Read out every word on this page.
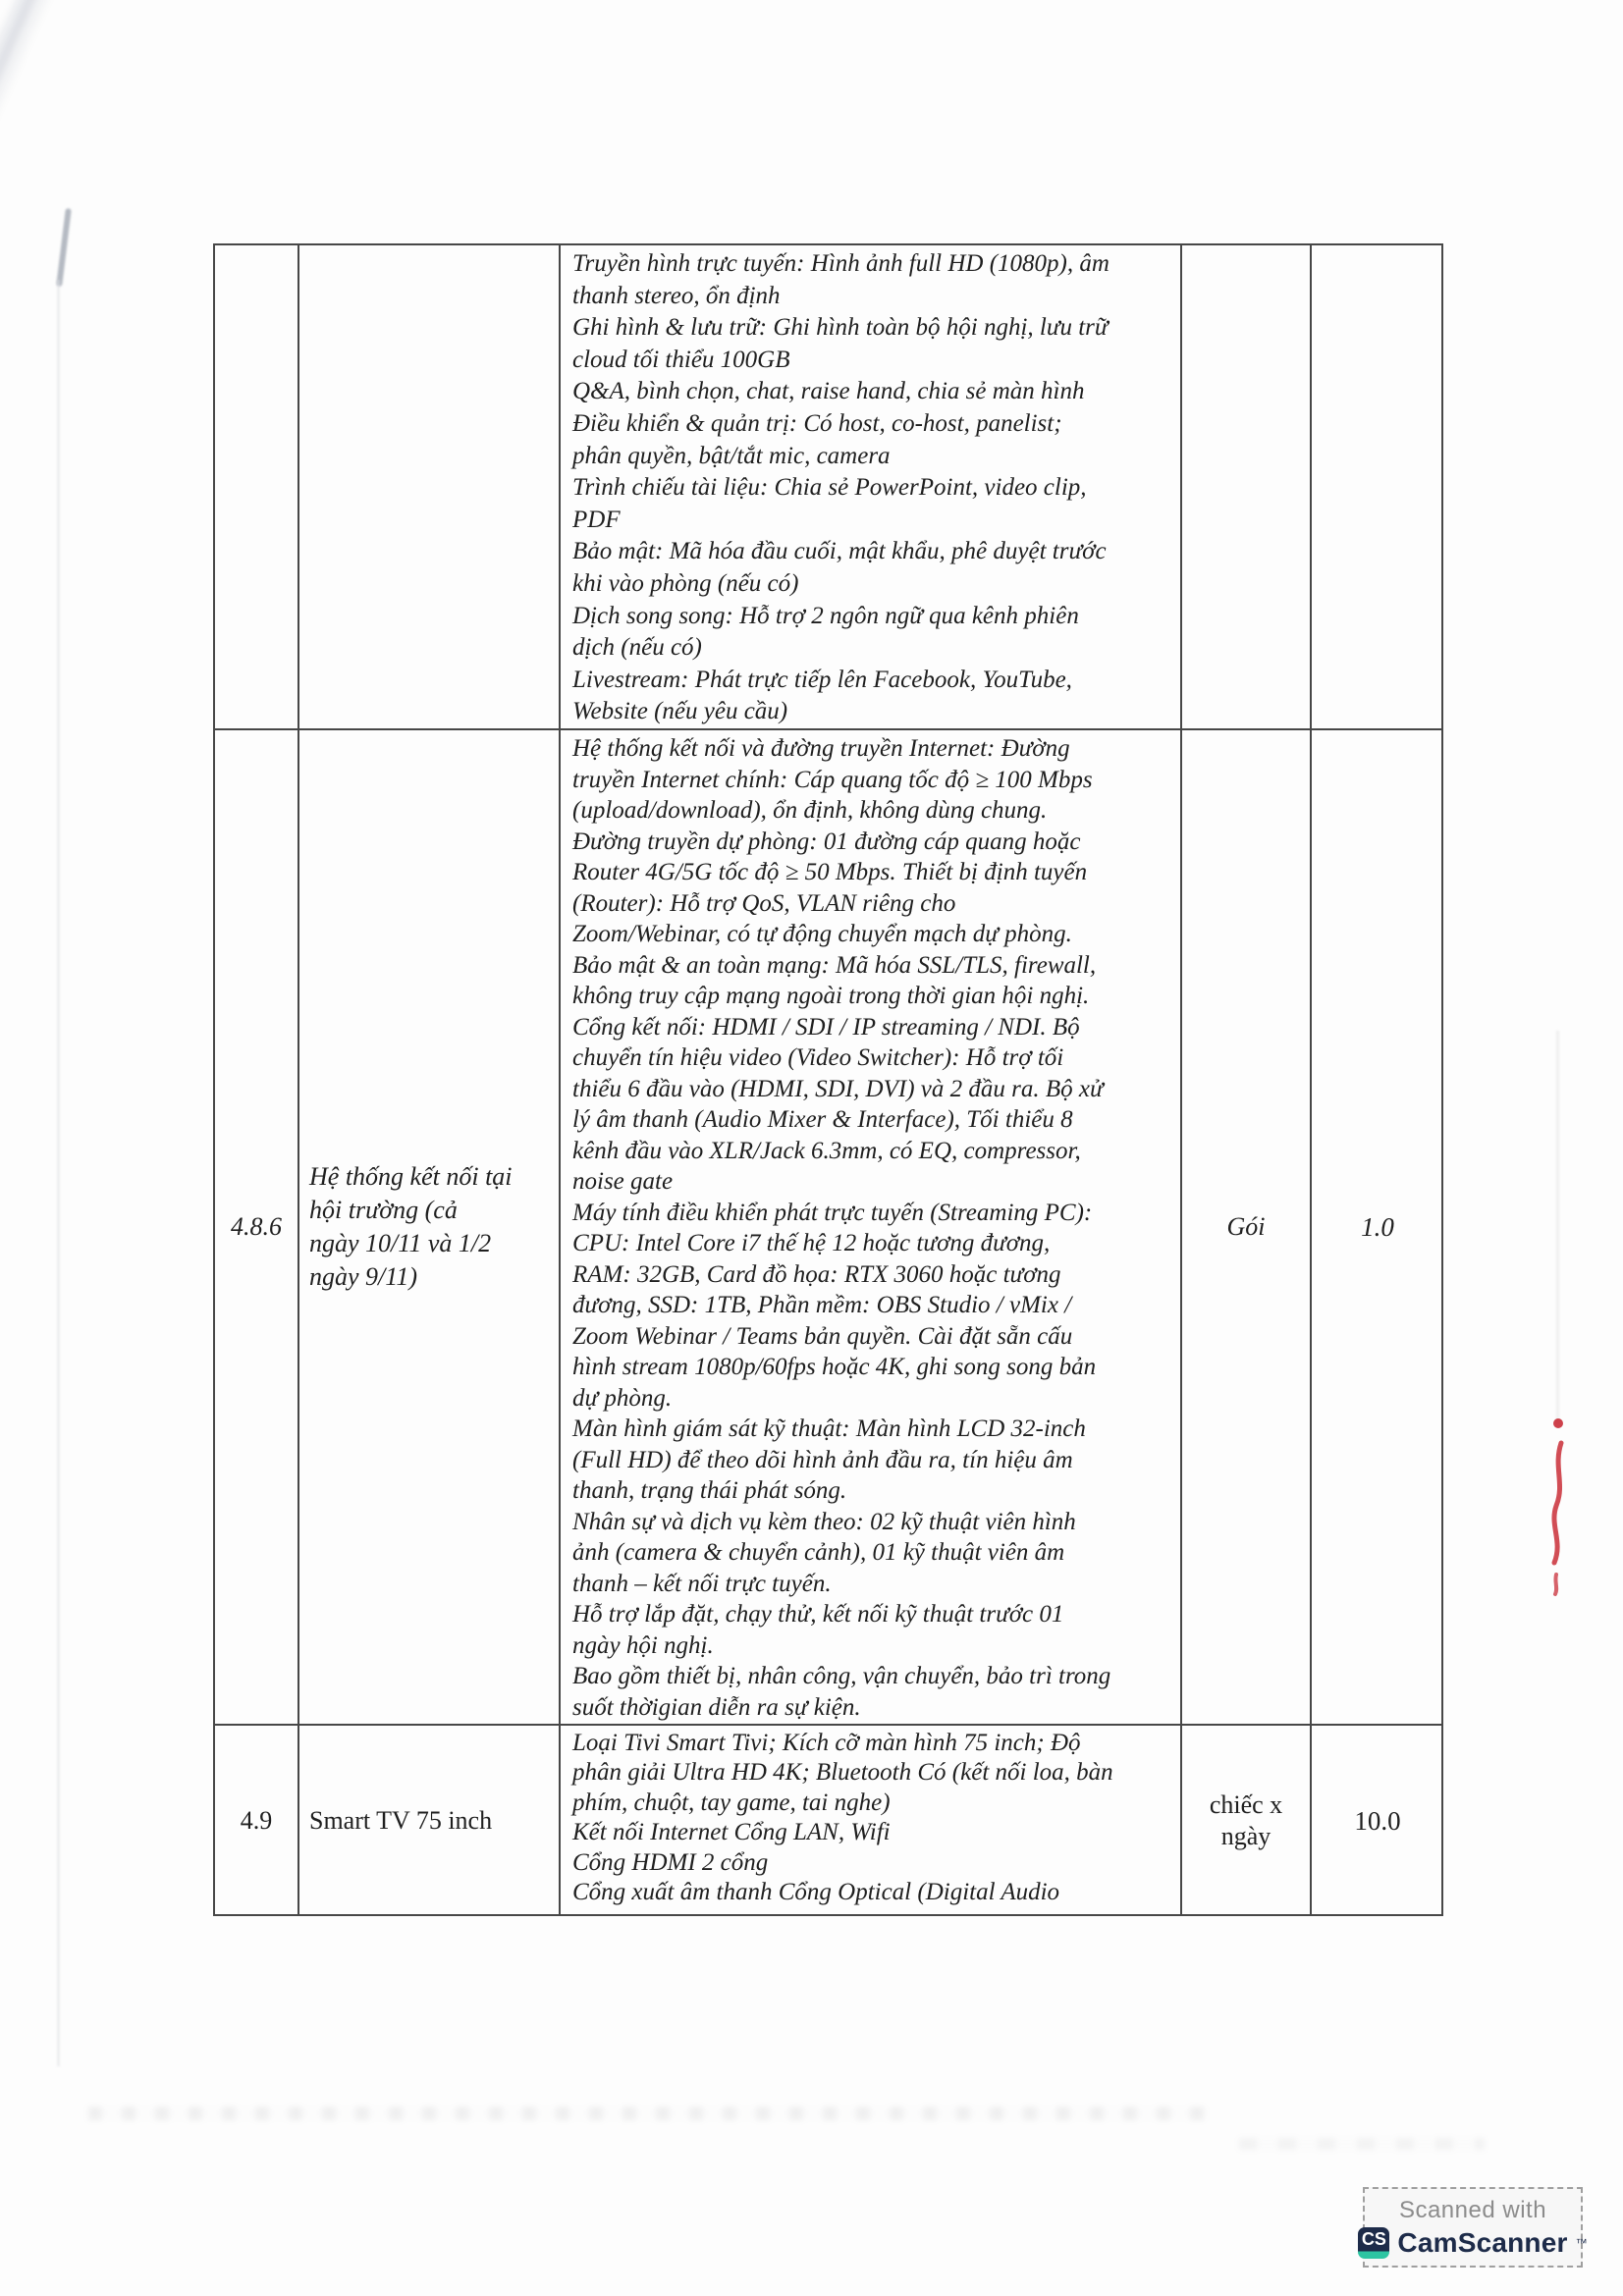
Truyền hình trực tuyến: Hình ảnh full HD (1080p), âm
thanh stereo, ổn định
Ghi hình & lưu trữ: Ghi hình toàn bộ hội nghị, lưu trữ
cloud tối thiểu 100GB
Q&A, bình chọn, chat, raise hand, chia sẻ màn hình
Điều khiển & quản trị: Có host, co-host, panelist;
phân quyền, bật/tắt mic, camera
Trình chiếu tài liệu: Chia sẻ PowerPoint, video clip,
PDF
Bảo mật: Mã hóa đầu cuối, mật khẩu, phê duyệt trước
khi vào phòng (nếu có)
Dịch song song: Hỗ trợ 2 ngôn ngữ qua kênh phiên
dịch (nếu có)
Livestream: Phát trực tiếp lên Facebook, YouTube,
Website (nếu yêu cầu)
4.8.6
Hệ thống kết nối tại
hội trường (cả
ngày 10/11 và 1/2
ngày 9/11)
Hệ thống kết nối và đường truyền Internet: Đường
truyền Internet chính: Cáp quang tốc độ ≥ 100 Mbps
(upload/download), ổn định, không dùng chung.
Đường truyền dự phòng: 01 đường cáp quang hoặc
Router 4G/5G tốc độ ≥ 50 Mbps. Thiết bị định tuyến
(Router): Hỗ trợ QoS, VLAN riêng cho
Zoom/Webinar, có tự động chuyển mạch dự phòng.
Bảo mật & an toàn mạng: Mã hóa SSL/TLS, firewall,
không truy cập mạng ngoài trong thời gian hội nghị.
Cổng kết nối: HDMI / SDI / IP streaming / NDI. Bộ
chuyển tín hiệu video (Video Switcher): Hỗ trợ tối
thiểu 6 đầu vào (HDMI, SDI, DVI) và 2 đầu ra. Bộ xử
lý âm thanh (Audio Mixer & Interface), Tối thiểu 8
kênh đầu vào XLR/Jack 6.3mm, có EQ, compressor,
noise gate
Máy tính điều khiển phát trực tuyến (Streaming PC):
CPU: Intel Core i7 thế hệ 12 hoặc tương đương,
RAM: 32GB, Card đồ họa: RTX 3060 hoặc tương
đương, SSD: 1TB, Phần mềm: OBS Studio / vMix /
Zoom Webinar / Teams bản quyền. Cài đặt sẵn cấu
hình stream 1080p/60fps hoặc 4K, ghi song song bản
dự phòng.
Màn hình giám sát kỹ thuật: Màn hình LCD 32-inch
(Full HD) để theo dõi hình ảnh đầu ra, tín hiệu âm
thanh, trạng thái phát sóng.
Nhân sự và dịch vụ kèm theo: 02 kỹ thuật viên hình
ảnh (camera & chuyển cảnh), 01 kỹ thuật viên âm
thanh – kết nối trực tuyến.
Hỗ trợ lắp đặt, chạy thử, kết nối kỹ thuật trước 01
ngày hội nghị.
Bao gồm thiết bị, nhân công, vận chuyển, bảo trì trong
suốt thờigian diễn ra sự kiện.
Gói	1.0
4.9	Smart TV 75 inch
Loại Tivi Smart Tivi; Kích cỡ màn hình 75 inch; Độ
phân giải Ultra HD 4K; Bluetooth Có (kết nối loa, bàn
phím, chuột, tay game, tai nghe)
Kết nối Internet Cổng LAN, Wifi
Cổng HDMI 2 cổng
Cổng xuất âm thanh Cổng Optical (Digital Audio
chiếc x
ngày
10.0
Scanned with
CS CamScanner ™
